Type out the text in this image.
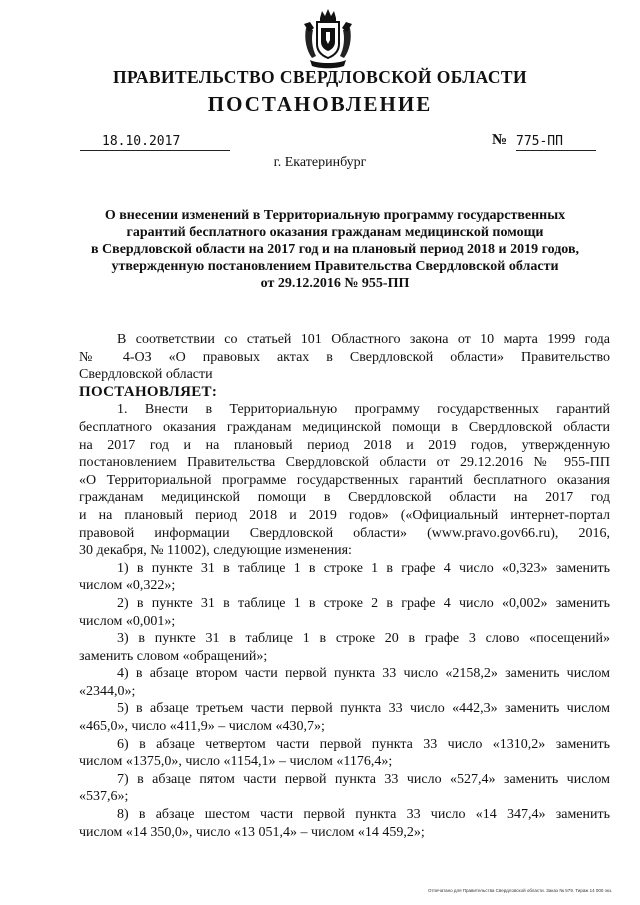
ПРАВИТЕЛЬСТВО СВЕРДЛОВСКОЙ ОБЛАСТИ
ПОСТАНОВЛЕНИЕ
18.10.2017	№ 775-ПП
г. Екатеринбург
О внесении изменений в Территориальную программу государственных
гарантий бесплатного оказания гражданам медицинской помощи
в Свердловской области на 2017 год и на плановый период 2018 и 2019 годов,
утвержденную постановлением Правительства Свердловской области
от 29.12.2016 № 955-ПП
В соответствии со статьей 101 Областного закона от 10 марта 1999 года
№ 4-ОЗ «О правовых актах в Свердловской области» Правительство
Свердловской области
ПОСТАНОВЛЯЕТ:
1. Внести в Территориальную программу государственных гарантий
бесплатного оказания гражданам медицинской помощи в Свердловской области
на 2017 год и на плановый период 2018 и 2019 годов, утвержденную
постановлением Правительства Свердловской области от 29.12.2016 № 955-ПП
«О Территориальной программе государственных гарантий бесплатного оказания
гражданам медицинской помощи в Свердловской области на 2017 год
и на плановый период 2018 и 2019 годов» («Официальный интернет-портал
правовой информации Свердловской области» (www.pravo.gov66.ru), 2016,
30 декабря, № 11002), следующие изменения:
1) в пункте 31 в таблице 1 в строке 1 в графе 4 число «0,323» заменить
числом «0,322»;
2) в пункте 31 в таблице 1 в строке 2 в графе 4 число «0,002» заменить
числом «0,001»;
3) в пункте 31 в таблице 1 в строке 20 в графе 3 слово «посещений»
заменить словом «обращений»;
4) в абзаце втором части первой пункта 33 число «2158,2» заменить числом
«2344,0»;
5) в абзаце третьем части первой пункта 33 число «442,3» заменить числом
«465,0», число «411,9» – числом «430,7»;
6) в абзаце четвертом части первой пункта 33 число «1310,2» заменить
числом «1375,0», число «1154,1» – числом «1176,4»;
7) в абзаце пятом части первой пункта 33 число «527,4» заменить числом
«537,6»;
8) в абзаце шестом части первой пункта 33 число «14 347,4» заменить
числом «14 350,0», число «13 051,4» – числом «14 459,2»;
Отпечатано для Правительства Свердловской области. Заказ № 579. Тираж 14 000 экз.
